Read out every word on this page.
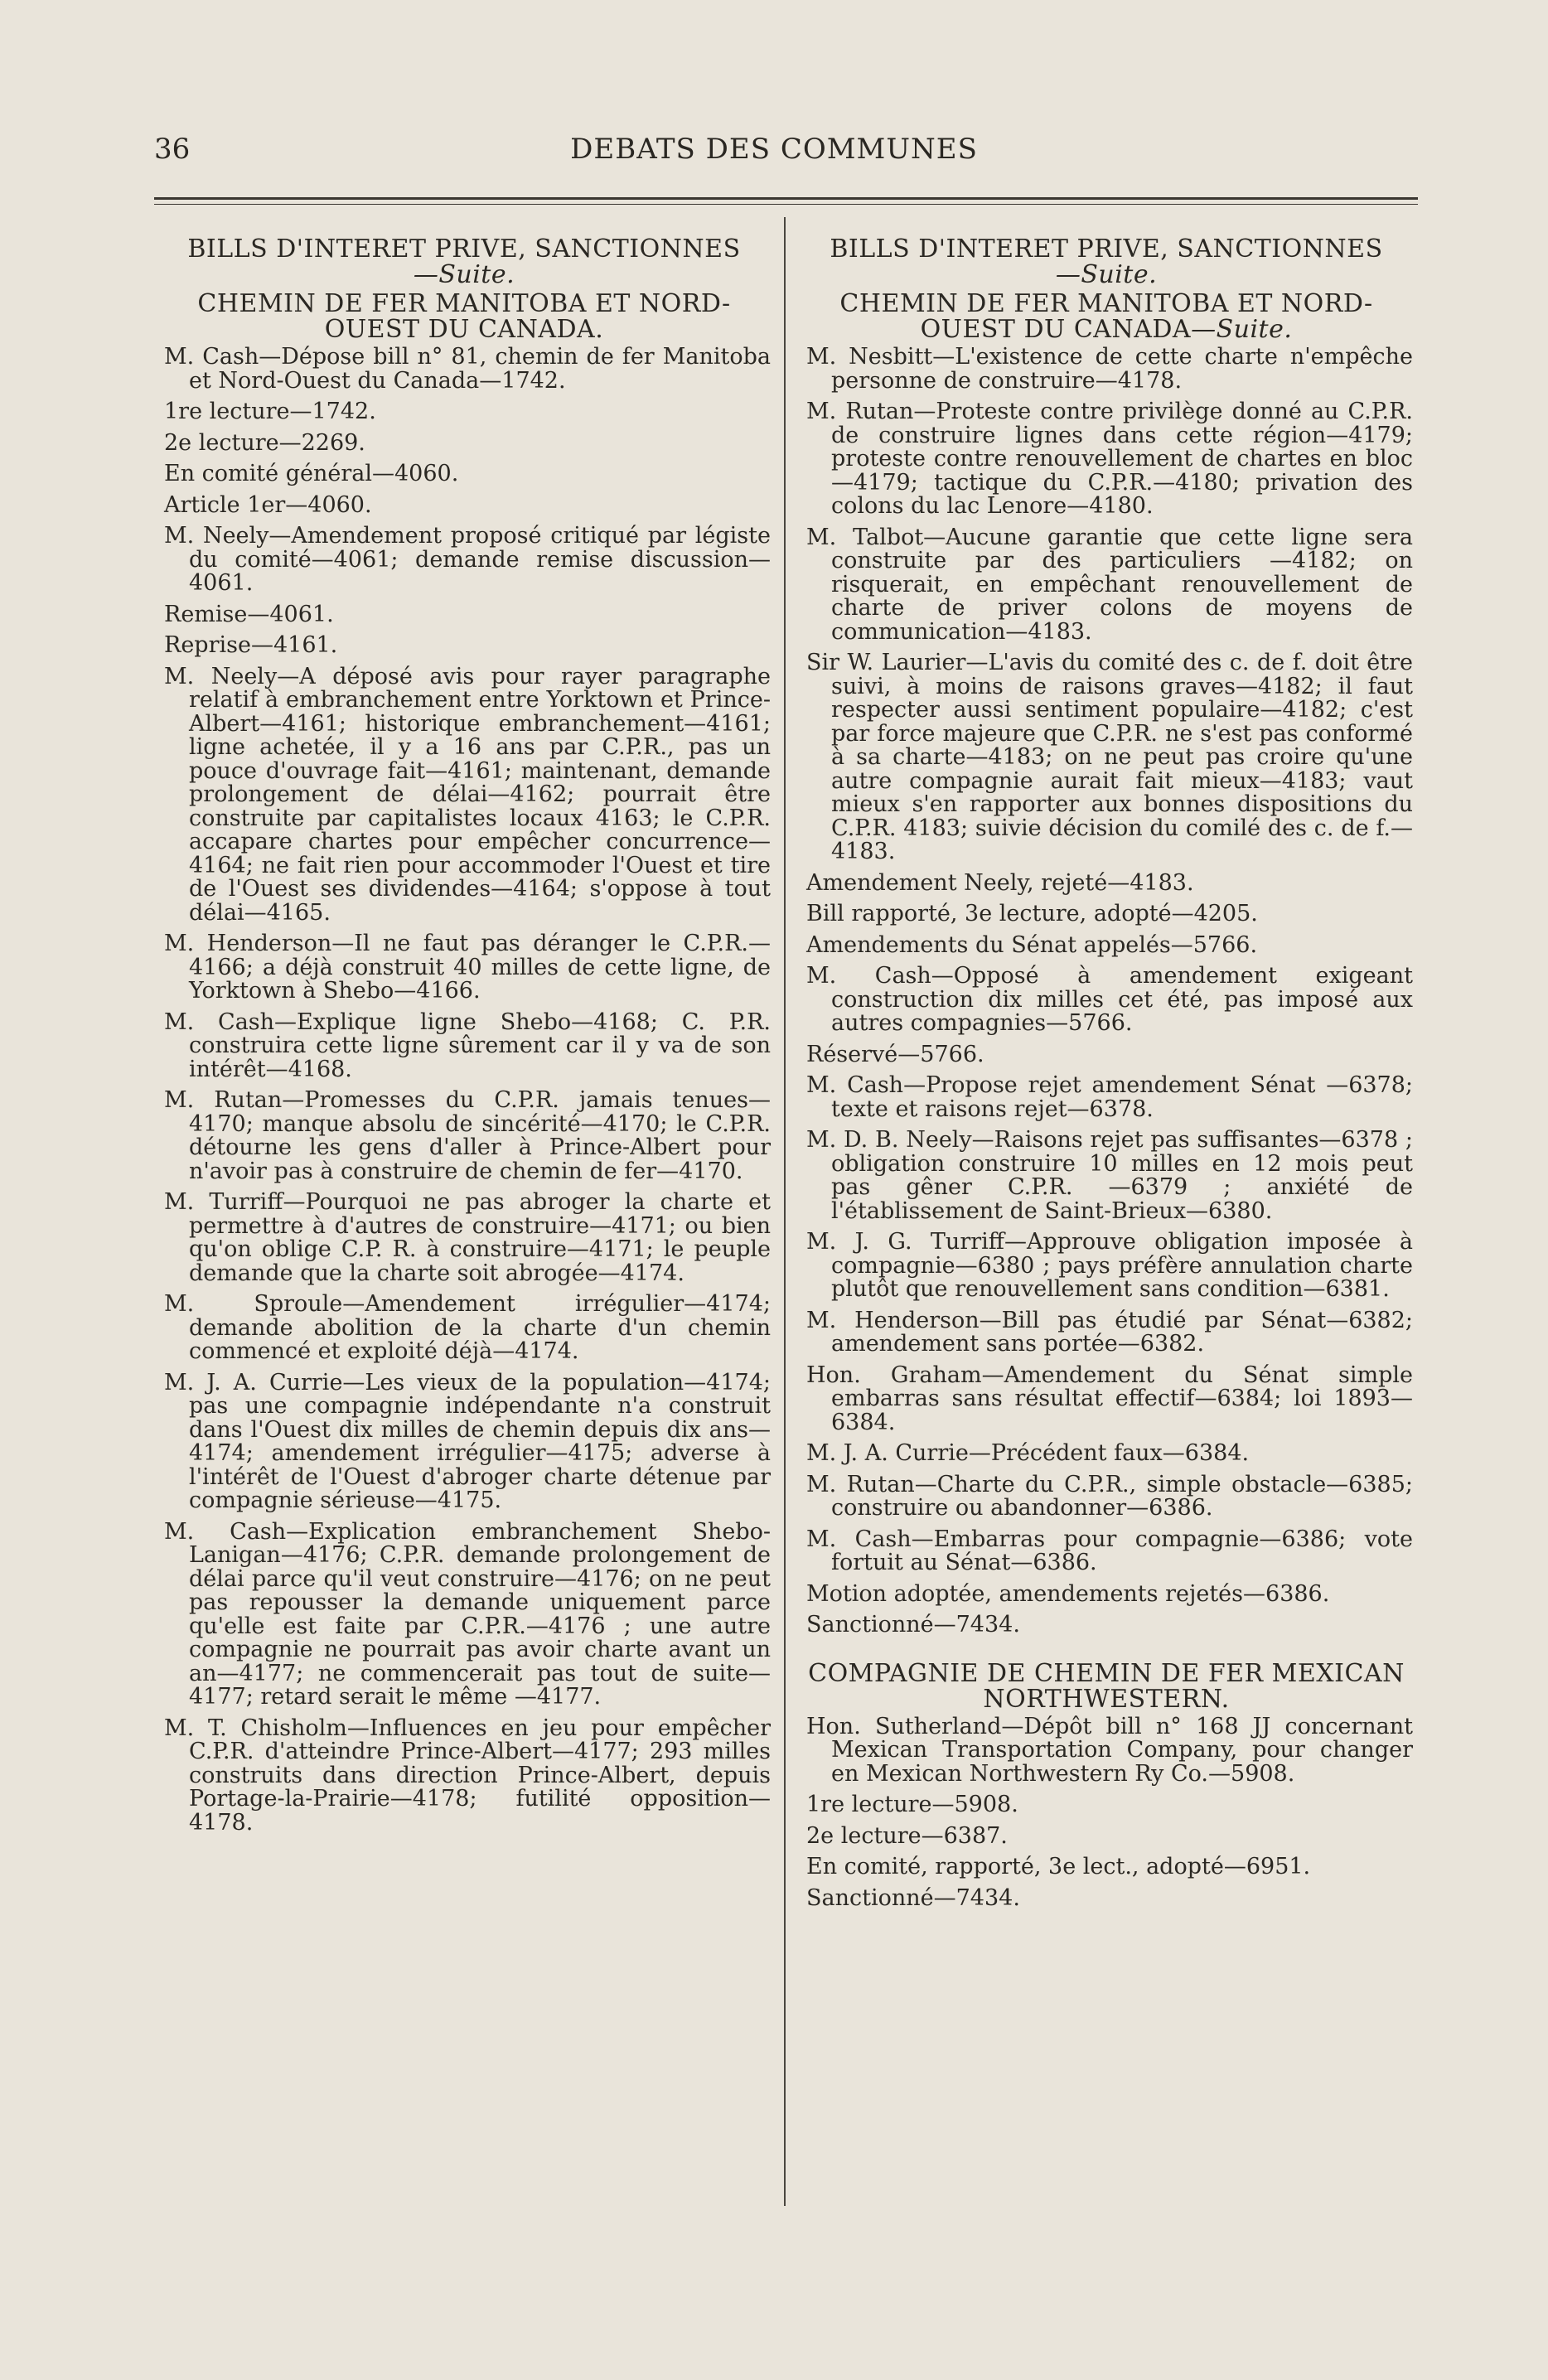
36	DEBATS DES COMMUNES
BILLS D'INTERET PRIVE, SANCTIONNES
—Suite.
CHEMIN DE FER MANITOBA ET NORD-OUEST DU CANADA.

M. Cash—Dépose bill n° 81, chemin de fer Manitoba et Nord-Ouest du Canada—1742.

1re lecture—1742.

2e lecture—2269.

En comité général—4060.

Article 1er—4060.

M. Neely—Amendement proposé critiqué par légiste du comité—4061; demande remise discussion—4061.

Remise—4061.

Reprise—4161.

M. Neely—A déposé avis pour rayer paragraphe relatif à embranchement entre Yorktown et Prince-Albert—4161; historique embranchement—4161; ligne achetée, il y a 16 ans par C.P.R., pas un pouce d'ouvrage fait—4161; maintenant, demande prolongement de délai—4162; pourrait être construite par capitalistes locaux 4163; le C.P.R. accapare chartes pour empêcher concurrence—4164; ne fait rien pour accommoder l'Ouest et tire de l'Ouest ses dividendes—4164; s'oppose à tout délai—4165.

M. Henderson—Il ne faut pas déranger le C.P.R.—4166; a déjà construit 40 milles de cette ligne, de Yorktown à Shebo—4166.

M. Cash—Explique ligne Shebo—4168; C. P.R. construira cette ligne sûrement car il y va de son intérêt—4168.

M. Rutan—Promesses du C.P.R. jamais tenues—4170; manque absolu de sincérité—4170; le C.P.R. détourne les gens d'aller à Prince-Albert pour n'avoir pas à construire de chemin de fer—4170.

M. Turriff—Pourquoi ne pas abroger la charte et permettre à d'autres de construire—4171; ou bien qu'on oblige C.P. R. à construire—4171; le peuple demande que la charte soit abrogée—4174.

M. Sproule—Amendement irrégulier—4174; demande abolition de la charte d'un chemin commencé et exploité déjà—4174.

M. J. A. Currie—Les vieux de la population—4174; pas une compagnie indépendante n'a construit dans l'Ouest dix milles de chemin depuis dix ans—4174; amendement irrégulier—4175; adverse à l'intérêt de l'Ouest d'abroger charte détenue par compagnie sérieuse—4175.

M. Cash—Explication embranchement Shebo-Lanigan—4176; C.P.R. demande prolongement de délai parce qu'il veut construire—4176; on ne peut pas repousser la demande uniquement parce qu'elle est faite par C.P.R.—4176 ; une autre compagnie ne pourrait pas avoir charte avant un an—4177; ne commencerait pas tout de suite—4177; retard serait le même —4177.

M. T. Chisholm—Influences en jeu pour empêcher C.P.R. d'atteindre Prince-Albert—4177; 293 milles construits dans direction Prince-Albert, depuis Portage-la-Prairie—4178; futilité opposition—4178.

BILLS D'INTERET PRIVE, SANCTIONNES
—Suite.
CHEMIN DE FER MANITOBA ET NORD-OUEST DU CANADA—Suite.

M. Nesbitt—L'existence de cette charte n'empêche personne de construire—4178.

M. Rutan—Proteste contre privilège donné au C.P.R. de construire lignes dans cette région—4179; proteste contre renouvellement de chartes en bloc—4179; tactique du C.P.R.—4180; privation des colons du lac Lenore—4180.

M. Talbot—Aucune garantie que cette ligne sera construite par des particuliers —4182; on risquerait, en empêchant renouvellement de charte de priver colons de moyens de communication—4183.

Sir W. Laurier—L'avis du comité des c. de f. doit être suivi, à moins de raisons graves—4182; il faut respecter aussi sentiment populaire—4182; c'est par force majeure que C.P.R. ne s'est pas conformé à sa charte—4183; on ne peut pas croire qu'une autre compagnie aurait fait mieux—4183; vaut mieux s'en rapporter aux bonnes dispositions du C.P.R. 4183; suivie décision du comilé des c. de f.—4183.

Amendement Neely, rejeté—4183.

Bill rapporté, 3e lecture, adopté—4205.

Amendements du Sénat appelés—5766.

M. Cash—Opposé à amendement exigeant construction dix milles cet été, pas imposé aux autres compagnies—5766.

Réservé—5766.

M. Cash—Propose rejet amendement Sénat —6378; texte et raisons rejet—6378.

M. D. B. Neely—Raisons rejet pas suffisantes—6378 ; obligation construire 10 milles en 12 mois peut pas gêner C.P.R. —6379 ; anxiété de l'établissement de Saint-Brieux—6380.

M. J. G. Turriff—Approuve obligation imposée à compagnie—6380 ; pays préfère annulation charte plutôt que renouvellement sans condition—6381.

M. Henderson—Bill pas étudié par Sénat—6382; amendement sans portée—6382.

Hon. Graham—Amendement du Sénat simple embarras sans résultat effectif—6384; loi 1893—6384.

M. J. A. Currie—Précédent faux—6384.

M. Rutan—Charte du C.P.R., simple obstacle—6385; construire ou abandonner—6386.

M. Cash—Embarras pour compagnie—6386; vote fortuit au Sénat—6386.

Motion adoptée, amendements rejetés—6386.

Sanctionné—7434.

COMPAGNIE DE CHEMIN DE FER MEXICAN NORTHWESTERN.

Hon. Sutherland—Dépôt bill n° 168 JJ concernant Mexican Transportation Company, pour changer en Mexican Northwestern Ry Co.—5908.

1re lecture—5908.

2e lecture—6387.

En comité, rapporté, 3e lect., adopté—6951.

Sanctionné—7434.
